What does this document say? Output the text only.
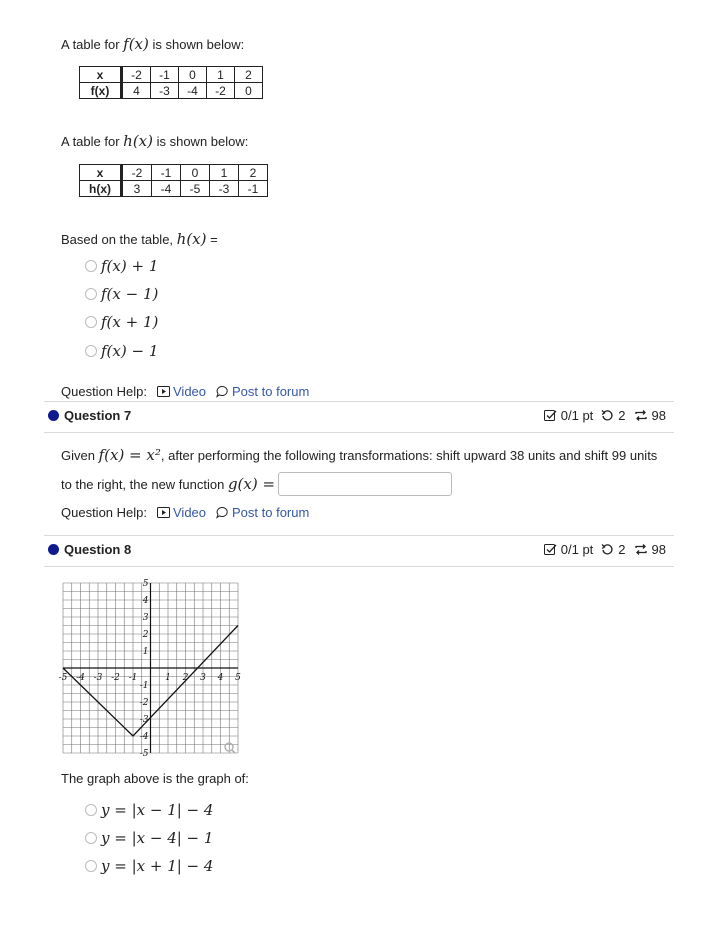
A table for f(x) is shown below:
x	-2	-1	0	1	2
f(x)	4	-3	-4	-2	0
A table for h(x) is shown below:
x	-2	-1	0	1	2
h(x)	3	-4	-5	-3	-1
Based on the table, h(x) =
f(x) + 1
f(x − 1)
f(x + 1)
f(x) − 1
Question Help: Video Post to forum
Question 7	0/1 pt 2 98
Given f(x) = x², after performing the following transformations: shift upward 38 units and shift 99 units
to the right, the new function
g(x) =
Question Help: Video Post to forum
Question 8	0/1 pt 2 98
-5 -4 -3 -2 -1	1 2 3 4 5
5
4
3
2
1
-1
-2
-3
-4
-5
The graph above is the graph of:
y = |x − 1| − 4
y = |x − 4| − 1
y = |x + 1| − 4
